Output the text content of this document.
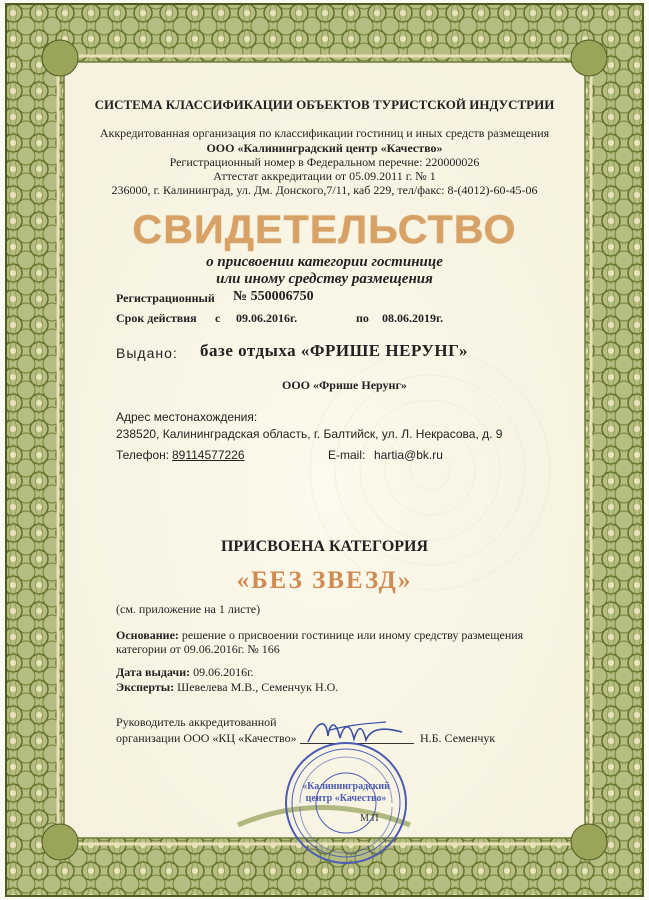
СИСТЕМА КЛАССИФИКАЦИИ ОБЪЕКТОВ ТУРИСТСКОЙ ИНДУСТРИИ
Аккредитованная организация по классификации гостиниц и иных средств размещения
ООО «Калининградский центр «Качество»
Регистрационный номер в Федеральном перечне: 220000026
Аттестат аккредитации от 05.09.2011 г. № 1
236000, г. Калининград, ул. Дм. Донского,7/11, каб 229, тел/факс: 8-(4012)-60-45-06
СВИДЕТЕЛЬСТВО
о присвоении категории гостинице
или иному средству размещения
Регистрационный № 550006750
Срок действия с 09.06.2016г.	по 08.06.2019г.
Выдано: базе отдыха «ФРИШЕ НЕРУНГ»
ООО «Фрише Нерунг»
Адрес местонахождения:
238520, Калининградская область, г. Балтийск, ул. Л. Некрасова, д. 9
Телефон: 89114577226	E-mail: hartia@bk.ru
ПРИСВОЕНА КАТЕГОРИЯ
«БЕЗ ЗВЕЗД»
(см. приложение на 1 листе)
Основание: решение о присвоении гостинице или иному средству размещения
категории от 09.06.2016г. № 166
Дата выдачи: 09.06.2016г.
Эксперты: Шевелева М.В., Семенчук Н.О.
Руководитель аккредитованной
организации ООО «КЦ «Качество»	Н.Б. Семенчук
«Калининградский центр «Качество»
М.П
